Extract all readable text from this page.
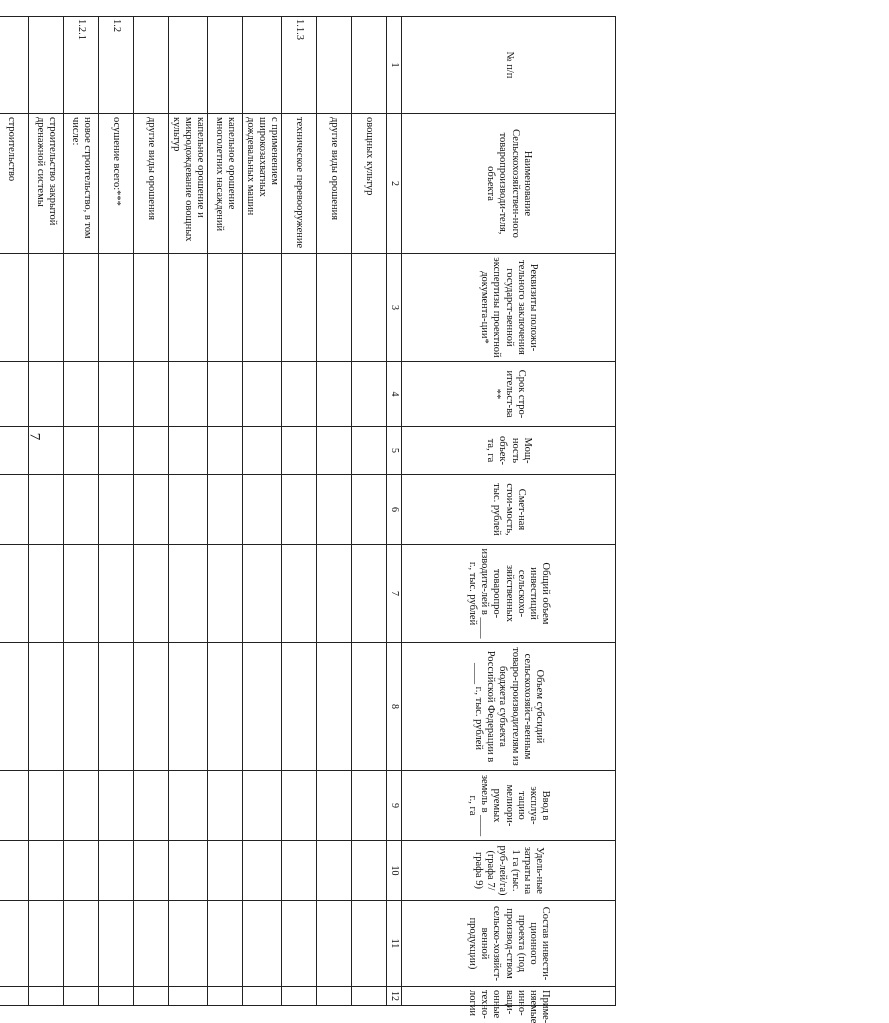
7
№ п/п	Наименование Сельскохозяйствен-ного товаропроизводи-теля, объекта	Реквизиты положи-тельного заключения государст-венной экспертизы проектной документа-ции*	Срок стро-ительст-ва **	Мощ-ность объек-та, га	Смет-ная стои-мость, тыс. рублей	Общий объем инвестиций сельскохо-зяйственных товаропро-изводите-лей в ____ г., тыс. рублей	Объем субсидий сельскохозяйст-венным товаро-производителям из бюджета субъекта Российской Федерации в ____ г., тыс. рублей	Ввод в эксплуа-тацию мелиори-руемых земель в ____ г., га	Удель-ные затраты на 1 га (тыс. руб-лей/га) (графа 7/графа 9)	Состав инвести-ционного проекта (под производ-ством сельско-хозяйст-венной продукции)	Приме-няемые инно-ваци-онные техно-логии
1	2	3	4	5	6	7	8	9	10	11	12
	овощных культур										
	другие виды орошения										
1.1.3	техническое перевооружение										
	с применением широкозахватных дождевальных машин										
	капельное орошение многолетних насаждений										
	капельное орошение и микродождевание овощных культур										
	другие виды орошения										
1.2	осушение всего:***										
1.2.1	новое строительство, в том числе:										
	строительство закрытой дренажной системы										
	строительство										
